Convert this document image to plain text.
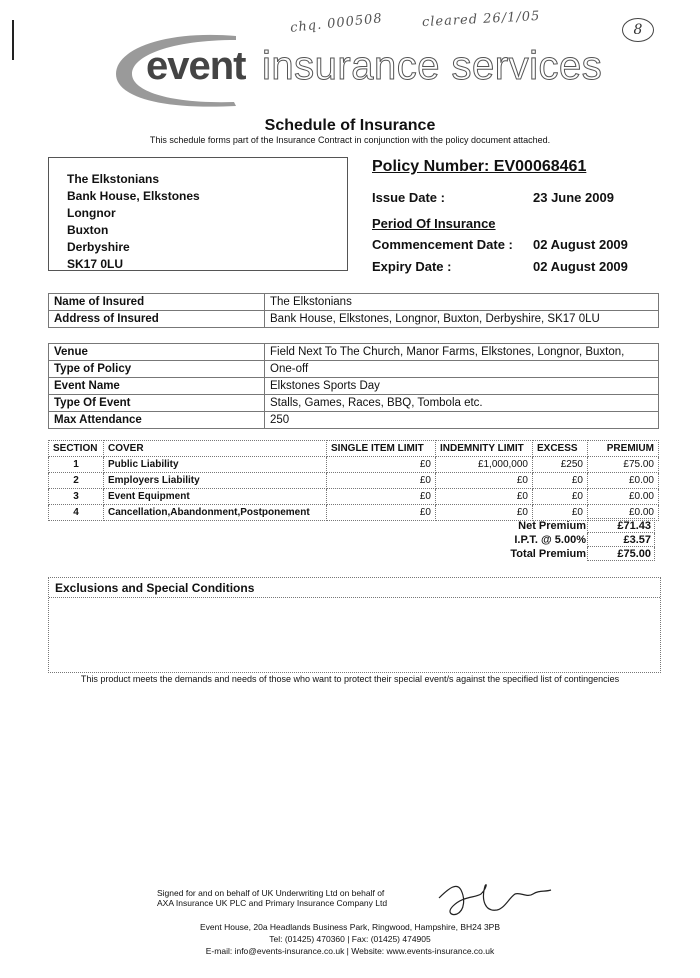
chq. 000508	cleared 26/1/05	8
event insurance services
Schedule of Insurance
This schedule forms part of the Insurance Contract in conjunction with the policy document attached.
The Elkstonians
Bank House, Elkstones
Longnor
Buxton
Derbyshire
SK17 0LU
Policy Number: EV00068461
Issue Date :	23 June 2009
Period Of Insurance
Commencement Date : 02 August 2009
Expiry Date :	02 August 2009
Name of Insured	The Elkstonians
Address of Insured	Bank House, Elkstones, Longnor, Buxton, Derbyshire, SK17 0LU
Venue	Field Next To The Church, Manor Farms, Elkstones, Longnor, Buxton,
Type of Policy	One-off
Event Name	Elkstones Sports Day
Type Of Event	Stalls, Games, Races, BBQ, Tombola etc.
Max Attendance	250
SECTION	COVER	SINGLE ITEM LIMIT	INDEMNITY LIMIT	EXCESS	PREMIUM
1	Public Liability	£0	£1,000,000	£250	£75.00
2	Employers Liability	£0	£0	£0	£0.00
3	Event Equipment	£0	£0	£0	£0.00
4	Cancellation,Abandonment,Postponement	£0	£0	£0	£0.00
Net Premium	£71.43
I.P.T. @ 5.00%	£3.57
Total Premium	£75.00
Exclusions and Special Conditions
This product meets the demands and needs of those who want to protect their special event/s against the specified list of contingencies
Signed for and on behalf of UK Underwriting Ltd on behalf of
AXA Insurance UK PLC and Primary Insurance Company Ltd
Event House, 20a Headlands Business Park, Ringwood, Hampshire, BH24 3PB
Tel: (01425) 470360 | Fax: (01425) 474905
E-mail: info@events-insurance.co.uk | Website: www.events-insurance.co.uk
